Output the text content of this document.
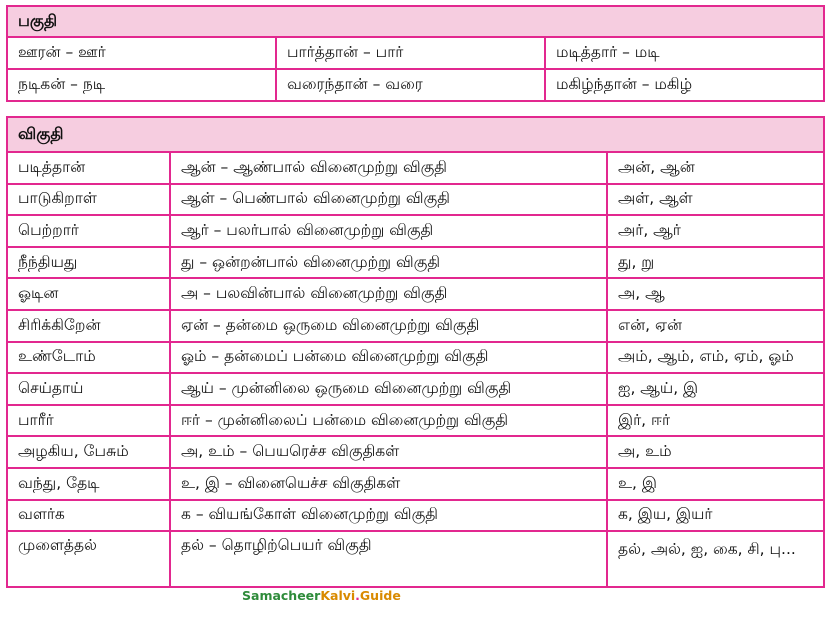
பகுதி		
ஊரன் – ஊர்	பார்த்தான் – பார்	மடித்தார் – மடி
நடிகன் – நடி	வரைந்தான் – வரை	மகிழ்ந்தான் – மகிழ்
விகுதி		
படித்தான்	ஆன் – ஆண்பால் வினைமுற்று விகுதி	அன், ஆன்
பாடுகிறாள்	ஆள் – பெண்பால் வினைமுற்று விகுதி	அள், ஆள்
பெற்றார்	ஆர் – பலர்பால் வினைமுற்று விகுதி	அர், ஆர்
நீந்தியது	து – ஒன்றன்பால் வினைமுற்று விகுதி	து, று
ஓடின	அ – பலவின்பால் வினைமுற்று விகுதி	அ, ஆ
சிரிக்கிறேன்	ஏன் – தன்மை ஒருமை வினைமுற்று விகுதி	என், ஏன்
உண்டோம்	ஓம் – தன்மைப் பன்மை வினைமுற்று விகுதி	அம், ஆம், எம், ஏம், ஓம்
செய்தாய்	ஆய் – முன்னிலை ஒருமை வினைமுற்று விகுதி	ஐ, ஆய், இ
பாரீர்	ஈர் – முன்னிலைப் பன்மை வினைமுற்று விகுதி	இர், ஈர்
அழகிய, பேசும்	அ, உம் – பெயரெச்ச விகுதிகள்	அ, உம்
வந்து, தேடி	உ, இ – வினையெச்ச விகுதிகள்	உ, இ
வளர்க	க – வியங்கோள் வினைமுற்று விகுதி	க, இய, இயர்
முளைத்தல்	தல் – தொழிற்பெயர் விகுதி	தல், அல், ஐ, கை, சி, பு...
SamacheerKalvi.Guide
